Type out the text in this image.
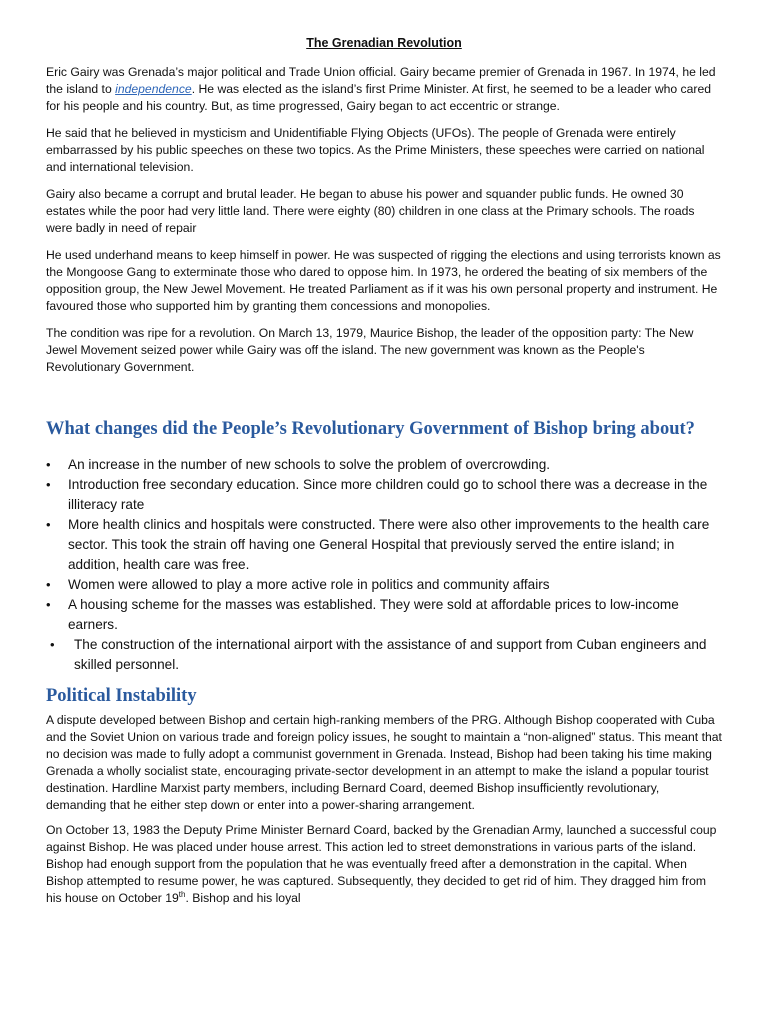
The Grenadian Revolution

Eric Gairy was Grenada’s major political and Trade Union official. Gairy became premier of Grenada in 1967. In 1974, he led the island to independence. He was elected as the island’s first Prime Minister. At first, he seemed to be a leader who cared for his people and his country. But, as time progressed, Gairy began to act eccentric or strange.

He said that he believed in mysticism and Unidentifiable Flying Objects (UFOs). The people of Grenada were entirely embarrassed by his public speeches on these two topics. As the Prime Ministers, these speeches were carried on national and international television.

Gairy also became a corrupt and brutal leader. He began to abuse his power and squander public funds. He owned 30 estates while the poor had very little land. There were eighty (80) children in one class at the Primary schools. The roads were badly in need of repair

He used underhand means to keep himself in power. He was suspected of rigging the elections and using terrorists known as the Mongoose Gang to exterminate those who dared to oppose him. In 1973, he ordered the beating of six members of the opposition group, the New Jewel Movement. He treated Parliament as if it was his own personal property and instrument. He favoured those who supported him by granting them concessions and monopolies.

The condition was ripe for a revolution. On March 13, 1979, Maurice Bishop, the leader of the opposition party: The New Jewel Movement seized power while Gairy was off the island. The new government was known as the People's Revolutionary Government.

What changes did the People’s Revolutionary Government of Bishop bring about?
• An increase in the number of new schools to solve the problem of overcrowding.
• Introduction free secondary education. Since more children could go to school there was a decrease in the illiteracy rate
• More health clinics and hospitals were constructed. There were also other improvements to the health care sector. This took the strain off having one General Hospital that previously served the entire island; in addition, health care was free.
• Women were allowed to play a more active role in politics and community affairs
• A housing scheme for the masses was established. They were sold at affordable prices to low-income earners.
• The construction of the international airport with the assistance of and support from Cuban engineers and skilled personnel.
Political Instability

A dispute developed between Bishop and certain high-ranking members of the PRG. Although Bishop cooperated with Cuba and the Soviet Union on various trade and foreign policy issues, he sought to maintain a “non-aligned” status. This meant that no decision was made to fully adopt a communist government in Grenada. Instead, Bishop had been taking his time making Grenada a wholly socialist state, encouraging private-sector development in an attempt to make the island a popular tourist destination. Hardline Marxist party members, including Bernard Coard, deemed Bishop insufficiently revolutionary, demanding that he either step down or enter into a power-sharing arrangement.

On October 13, 1983 the Deputy Prime Minister Bernard Coard, backed by the Grenadian Army, launched a successful coup against Bishop. He was placed under house arrest. This action led to street demonstrations in various parts of the island. Bishop had enough support from the population that he was eventually freed after a demonstration in the capital. When Bishop attempted to resume power, he was captured. Subsequently, they decided to get rid of him. They dragged him from his house on October 19th. Bishop and his loyal
